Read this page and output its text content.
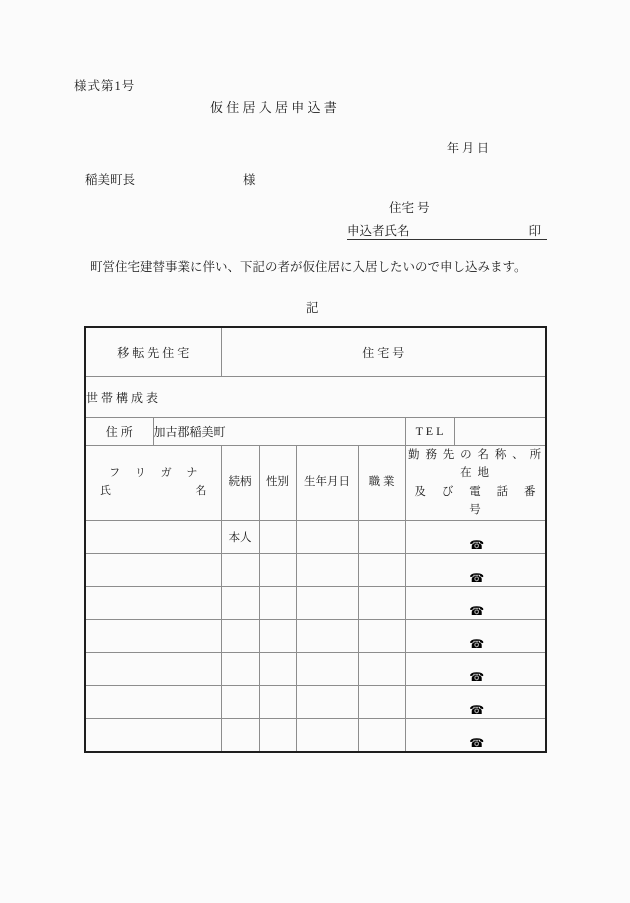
様式第1号
仮 住 居 入 居 申 込 書
年 月 日
稲美町長	様
住宅 号
申込者氏名	印
町営住宅建替事業に伴い、下記の者が仮住居に入居したいので申し込みます。
記
移 転 先 住 宅		住 宅 号					
世 帯 構 成 表							
住 所	加古郡稲美町					T E L	

フ リ ガ ナ
氏 名		続柄	性別	生年月日	職 業	勤 務 先 の 名 称 、 所 在 地
及 び 電 話 番 号	

		本人				☎	

						☎	

						☎	

						☎	

						☎	

						☎	

						☎	
